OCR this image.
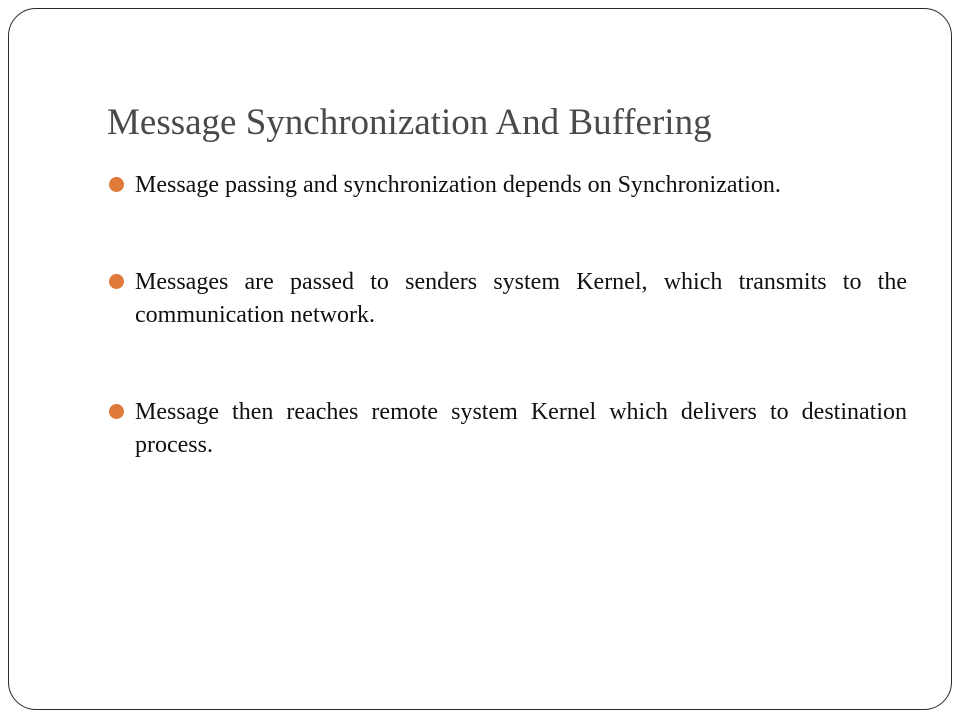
Message Synchronization And Buffering
Message passing and synchronization depends on Synchronization.
Messages are passed to senders system Kernel, which transmits to the communication network.
Message then reaches remote system Kernel which delivers to destination process.
